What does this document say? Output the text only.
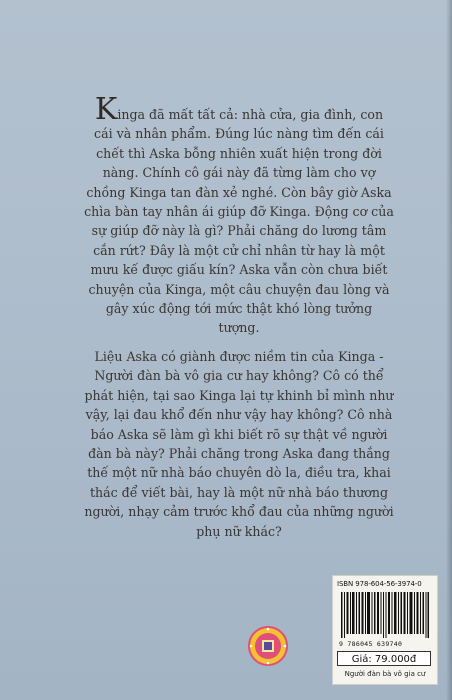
Kinga đã mất tất cả: nhà cửa, gia đình, con cái và nhân phẩm. Đúng lúc nàng tìm đến cái chết thì Aska bỗng nhiên xuất hiện trong đời nàng. Chính cô gái này đã từng làm cho vợ chồng Kinga tan đàn xẻ nghé. Còn bây giờ Aska chìa bàn tay nhân ái giúp đỡ Kinga. Động cơ của sự giúp đỡ này là gì? Phải chăng do lương tâm cắn rứt? Đây là một cử chỉ nhân từ hay là một mưu kế được giấu kín? Aska vẫn còn chưa biết chuyện của Kinga, một câu chuyện đau lòng và gây xúc động tới mức thật khó lòng tưởng tượng.

Liệu Aska có giành được niềm tin của Kinga - Người đàn bà vô gia cư hay không? Cô có thể phát hiện, tại sao Kinga lại tự khinh bỉ mình như vậy, lại đau khổ đến như vậy hay không? Cô nhà báo Aska sẽ làm gì khi biết rõ sự thật về người đàn bà này? Phải chăng trong Aska đang thắng thế một nữ nhà báo chuyên dò la, điều tra, khai thác để viết bài, hay là một nữ nhà báo thương người, nhạy cảm trước khổ đau của những người phụ nữ khác?

ISBN 978-604-56-3974-0
9 786045 639740
Giá: 79.000đ
Người đàn bà vô gia cư
